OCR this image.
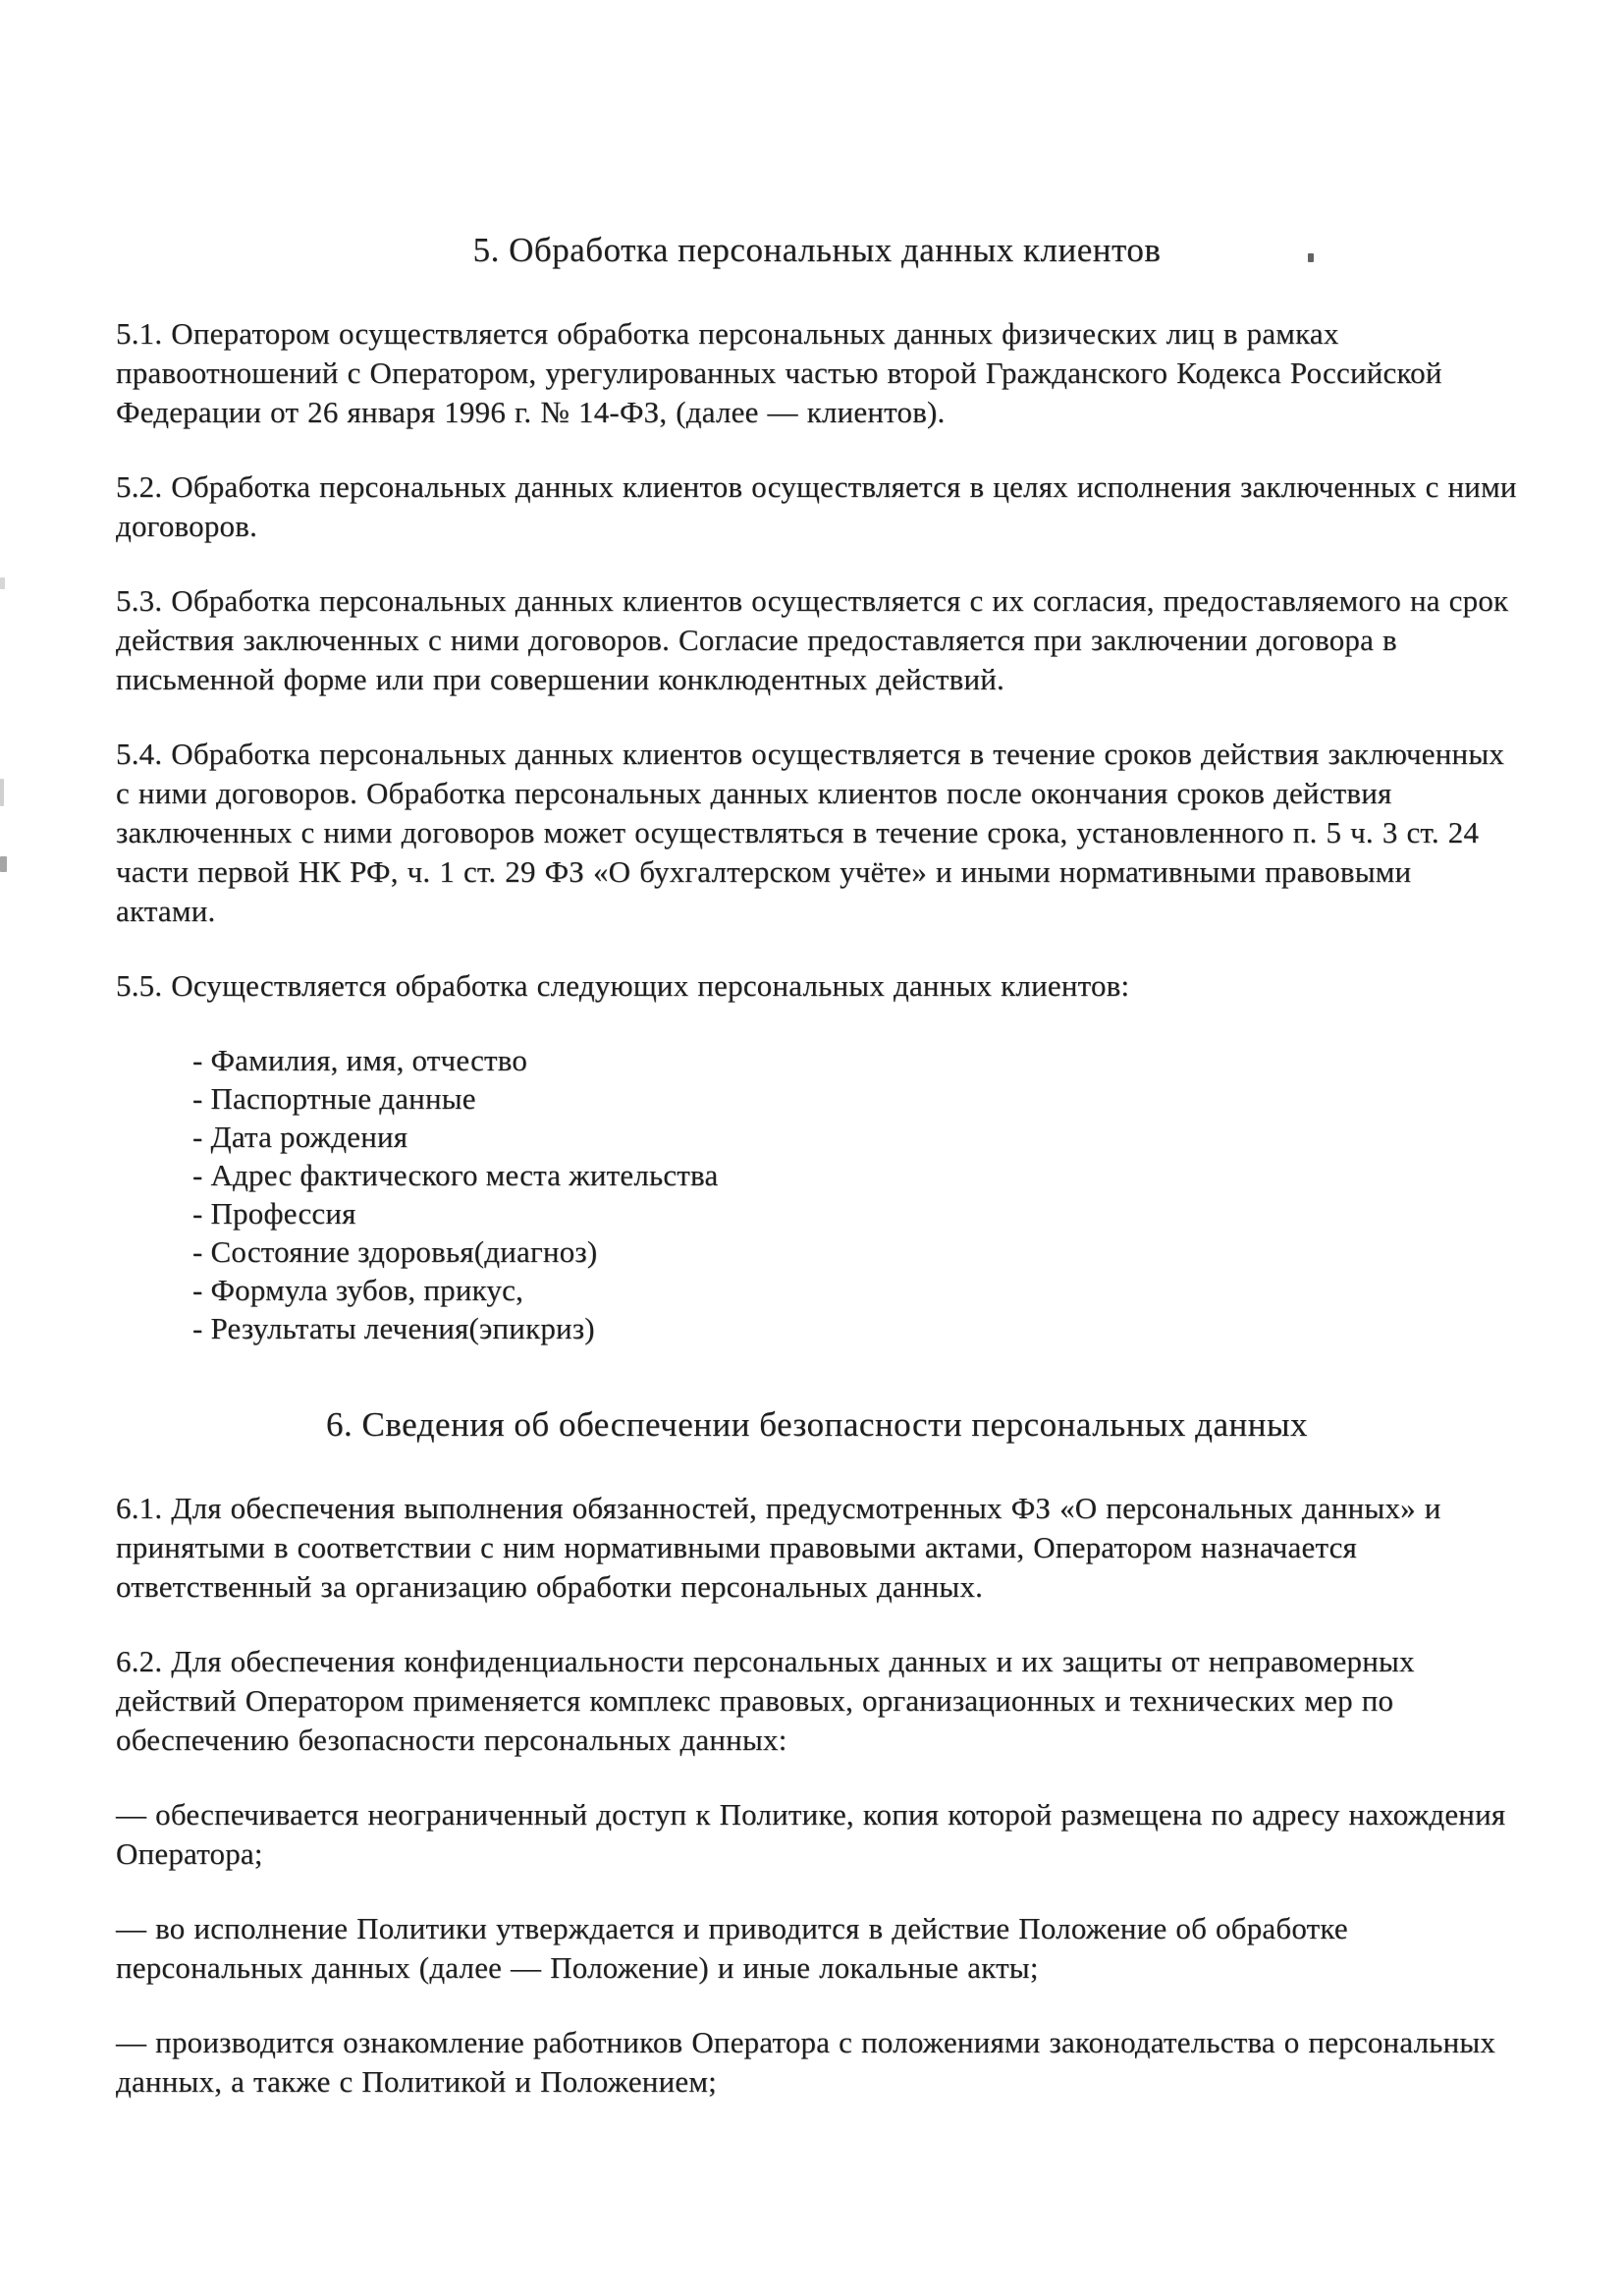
5. Обработка персональных данных клиентов

5.1. Оператором осуществляется обработка персональных данных физических лиц в рамках правоотношений с Оператором, урегулированных частью второй Гражданского Кодекса Российской Федерации от 26 января 1996 г. № 14-ФЗ, (далее — клиентов).

5.2. Обработка персональных данных клиентов осуществляется в целях исполнения заключенных с ними договоров.

5.3. Обработка персональных данных клиентов осуществляется с их согласия, предоставляемого на срок действия заключенных с ними договоров. Согласие предоставляется при заключении договора в письменной форме или при совершении конклюдентных действий.

5.4. Обработка персональных данных клиентов осуществляется в течение сроков действия заключенных с ними договоров. Обработка персональных данных клиентов после окончания сроков действия заключенных с ними договоров может осуществляться в течение срока, установленного п. 5 ч. 3 ст. 24 части первой НК РФ, ч. 1 ст. 29 ФЗ «О бухгалтерском учёте» и иными нормативными правовыми актами.

5.5. Осуществляется обработка следующих персональных данных клиентов:

- Фамилия, имя, отчество
- Паспортные данные
- Дата рождения
- Адрес фактического места жительства
- Профессия
- Состояние здоровья(диагноз)
- Формула зубов, прикус,
- Результаты лечения(эпикриз)
6. Сведения об обеспечении безопасности персональных данных

6.1. Для обеспечения выполнения обязанностей, предусмотренных ФЗ «О персональных данных» и принятыми в соответствии с ним нормативными правовыми актами, Оператором назначается ответственный за организацию обработки персональных данных.

6.2. Для обеспечения конфиденциальности персональных данных и их защиты от неправомерных действий Оператором применяется комплекс правовых, организационных и технических мер по обеспечению безопасности персональных данных:

— обеспечивается неограниченный доступ к Политике, копия которой размещена по адресу нахождения Оператора;

— во исполнение Политики утверждается и приводится в действие Положение об обработке персональных данных (далее — Положение) и иные локальные акты;

— производится ознакомление работников Оператора с положениями законодательства о персональных данных, а также с Политикой и Положением;
